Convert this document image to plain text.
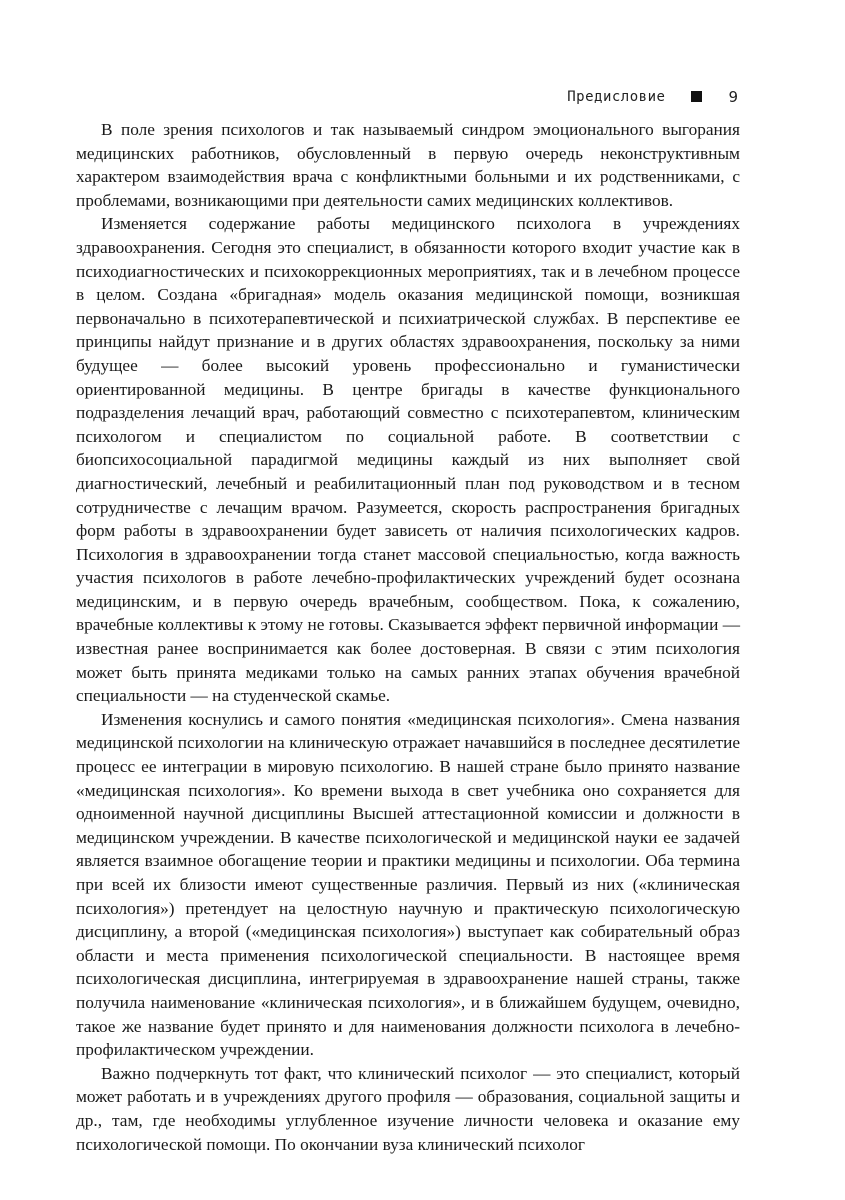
Предисловие	9

В поле зрения психологов и так называемый синдром эмоционального выгорания медицинских работников, обусловленный в первую очередь неконструктивным характером взаимодействия врача с конфликтными больными и их родственниками, с проблемами, возникающими при деятельности самих медицинских коллективов.

Изменяется содержание работы медицинского психолога в учреждениях здравоохранения. Сегодня это специалист, в обязанности которого входит участие как в психодиагностических и психокоррекционных мероприятиях, так и в лечебном процессе в целом. Создана «бригадная» модель оказания медицинской помощи, возникшая первоначально в психотерапевтической и психиатрической службах. В перспективе ее принципы найдут признание и в других областях здравоохранения, поскольку за ними будущее — более высокий уровень профессионально и гуманистически ориентированной медицины. В центре бригады в качестве функционального подразделения лечащий врач, работающий совместно с психотерапевтом, клиническим психологом и специалистом по социальной работе. В соответствии с биопсихосоциальной парадигмой медицины каждый из них выполняет свой диагностический, лечебный и реабилитационный план под руководством и в тесном сотрудничестве с лечащим врачом. Разумеется, скорость распространения бригадных форм работы в здравоохранении будет зависеть от наличия психологических кадров. Психология в здравоохранении тогда станет массовой специальностью, когда важность участия психологов в работе лечебно-профилактических учреждений будет осознана медицинским, и в первую очередь врачебным, сообществом. Пока, к сожалению, врачебные коллективы к этому не готовы. Сказывается эффект первичной информации — известная ранее воспринимается как более достоверная. В связи с этим психология может быть принята медиками только на самых ранних этапах обучения врачебной специальности — на студенческой скамье.

Изменения коснулись и самого понятия «медицинская психология». Смена названия медицинской психологии на клиническую отражает начавшийся в последнее десятилетие процесс ее интеграции в мировую психологию. В нашей стране было принято название «медицинская психология». Ко времени выхода в свет учебника оно сохраняется для одноименной научной дисциплины Высшей аттестационной комиссии и должности в медицинском учреждении. В качестве психологической и медицинской науки ее задачей является взаимное обогащение теории и практики медицины и психологии. Оба термина при всей их близости имеют существенные различия. Первый из них («клиническая психология») претендует на целостную научную и практическую психологическую дисциплину, а второй («медицинская психология») выступает как собирательный образ области и места применения психологической специальности. В настоящее время психологическая дисциплина, интегрируемая в здравоохранение нашей страны, также получила наименование «клиническая психология», и в ближайшем будущем, очевидно, такое же название будет принято и для наименования должности психолога в лечебно-профилактическом учреждении.

Важно подчеркнуть тот факт, что клинический психолог — это специалист, который может работать и в учреждениях другого профиля — образования, социальной защиты и др., там, где необходимы углубленное изучение личности человека и оказание ему психологической помощи. По окончании вуза клинический психолог
